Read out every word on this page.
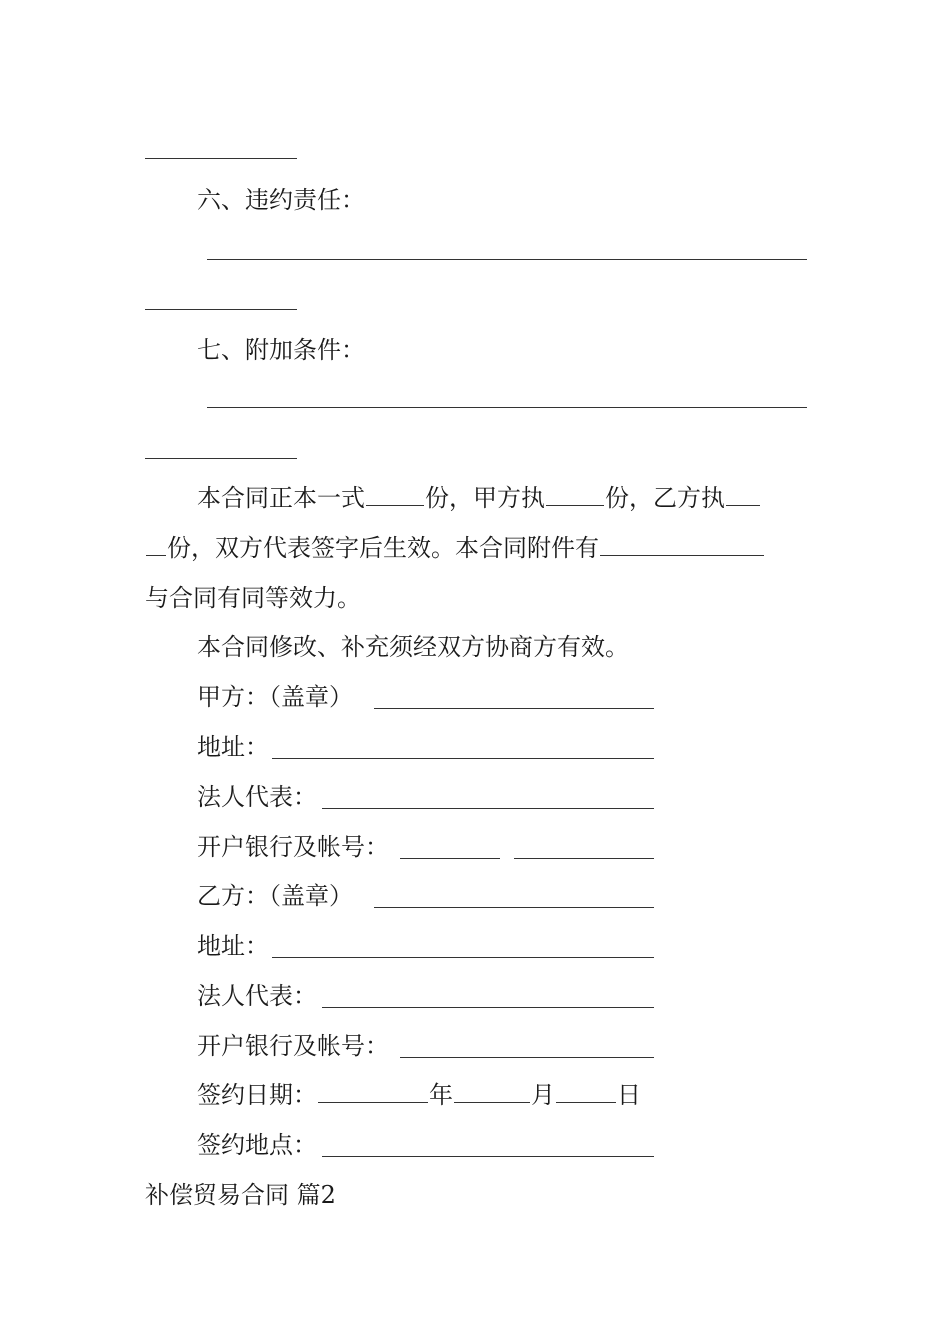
六、违约责任：
七、附加条件：
本合同正本一式	份，甲方执	份，乙方执
份，双方代表签字后生效。本合同附件有
与合同有同等效力。
本合同修改、补充须经双方协商方有效。
甲方：（盖章）
地址：
法人代表：
开户银行及帐号：
乙方：（盖章）
地址：
法人代表：
开户银行及帐号：
签约日期：	年	月	日
签约地点：
补偿贸易合同 篇2
